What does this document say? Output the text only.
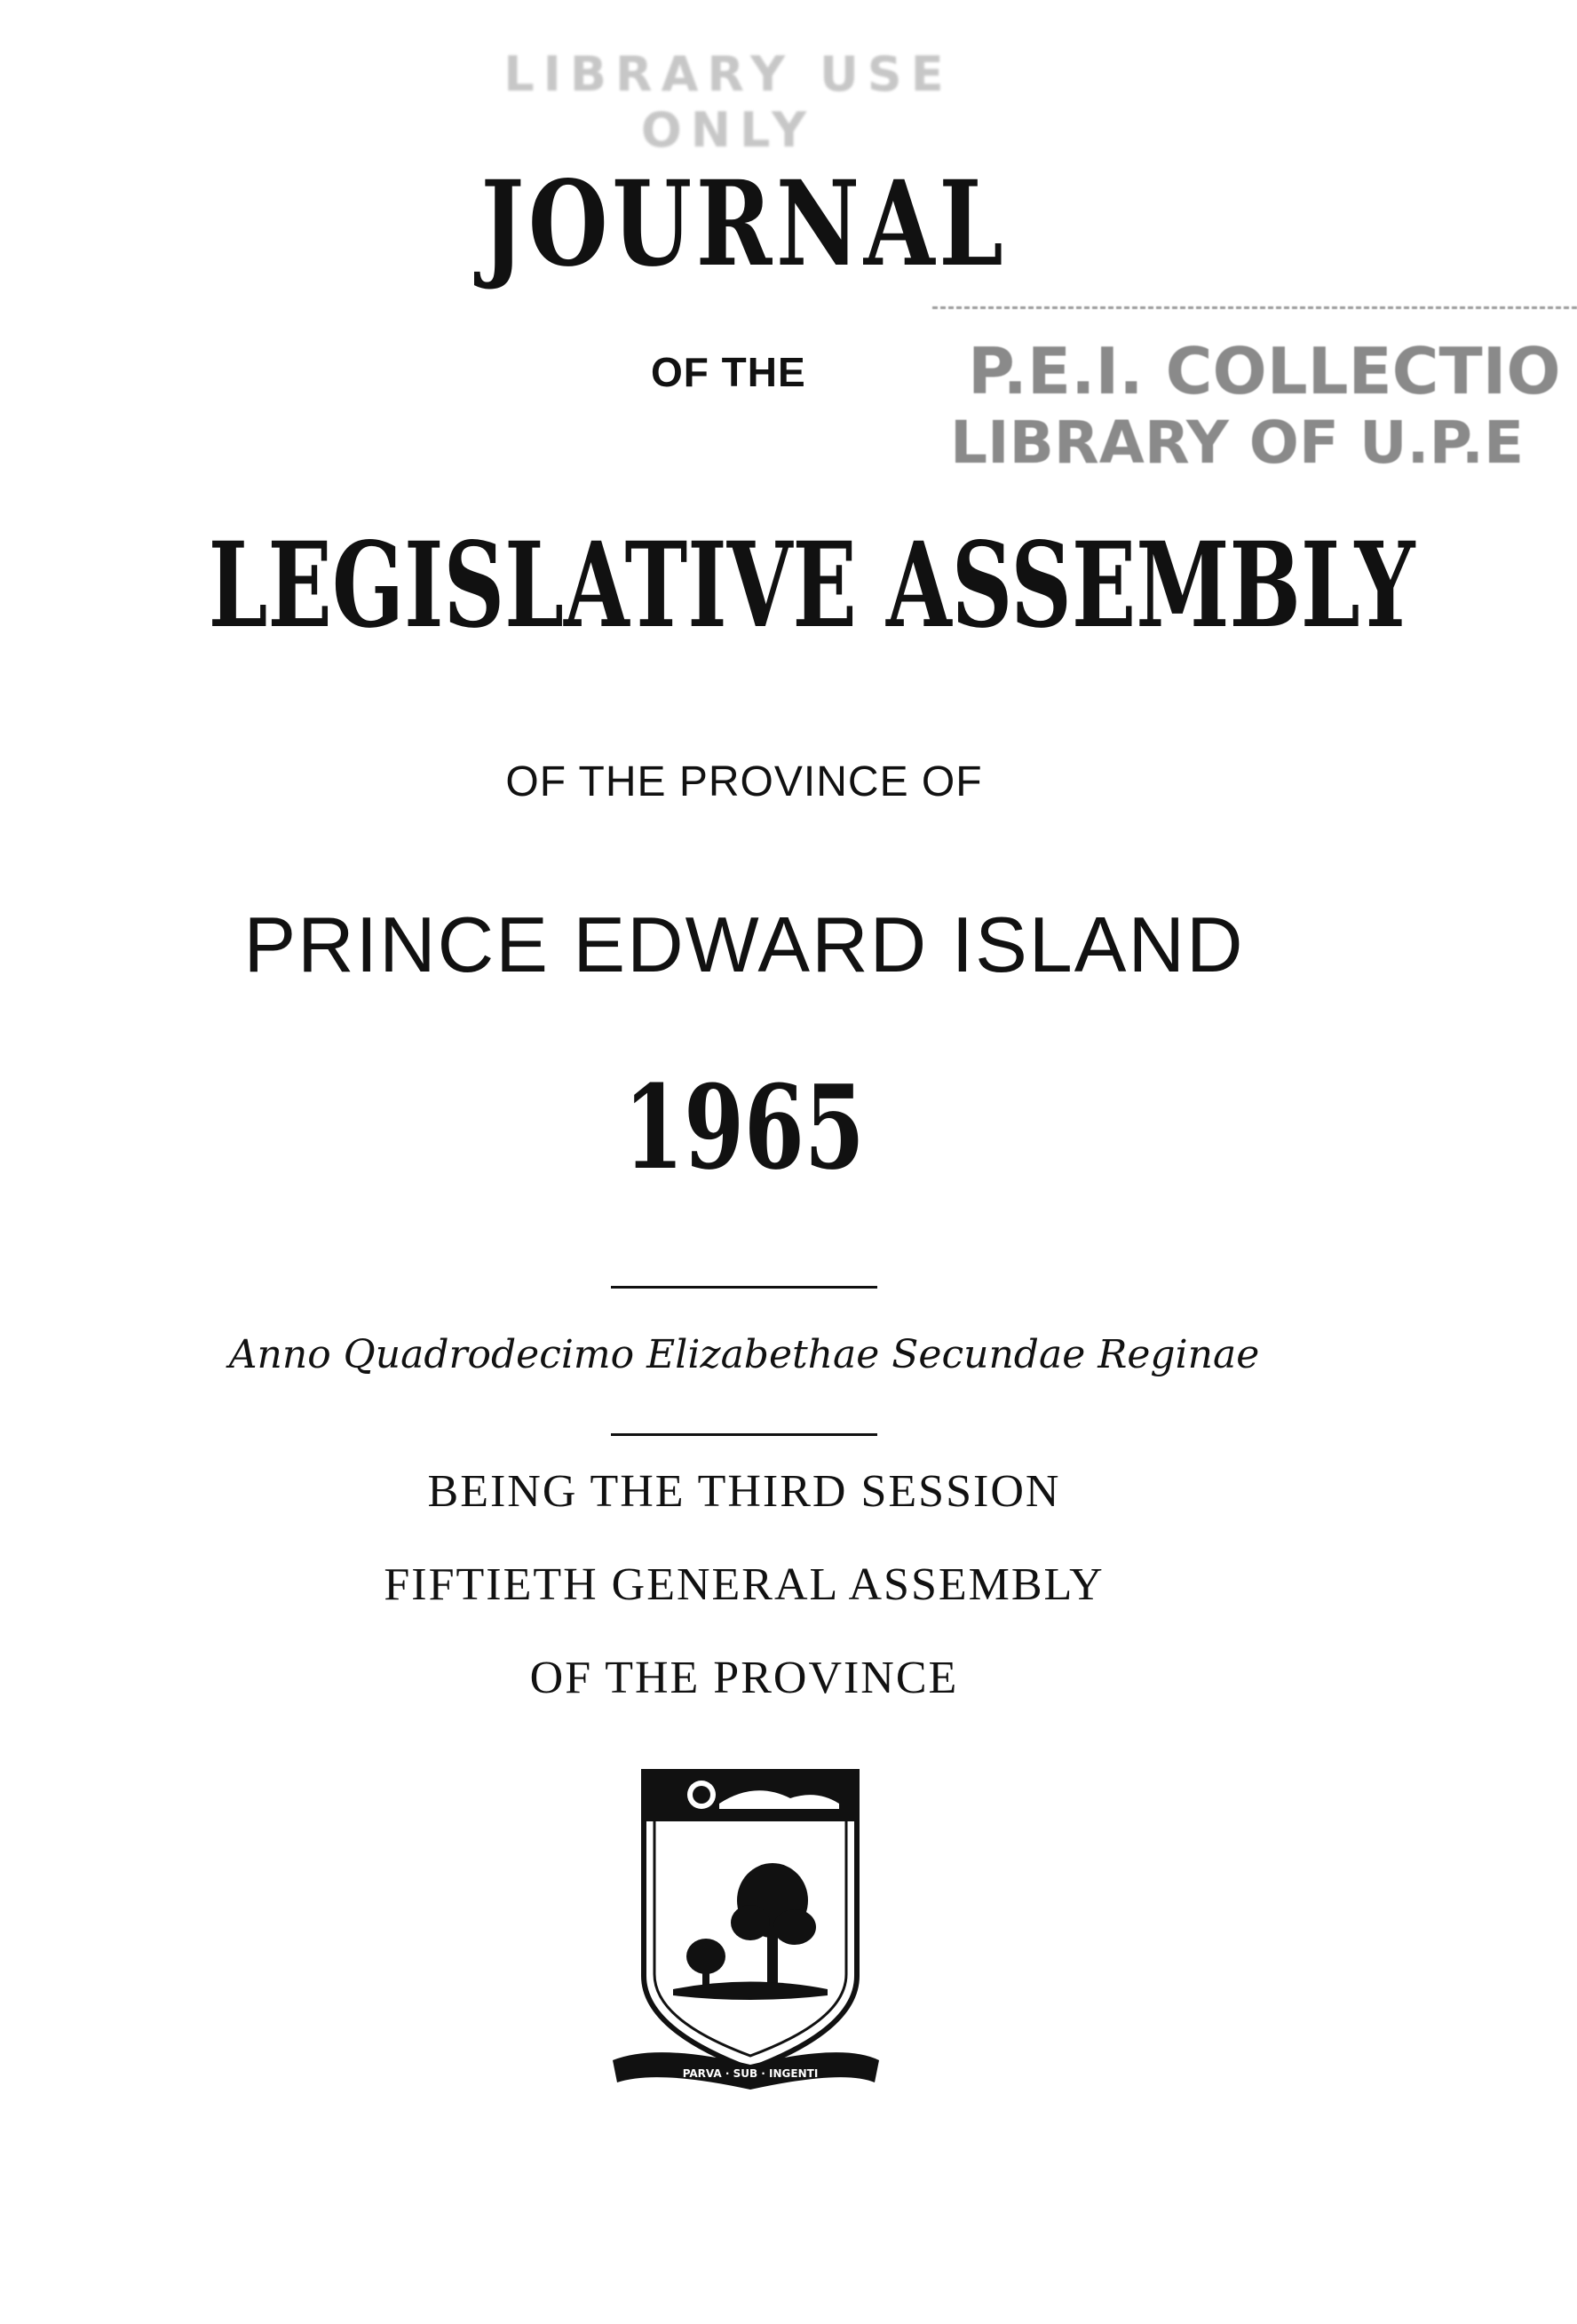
LIBRARY USE ONLY
P.E.I. COLLECTIO
LIBRARY OF U.P.E
JOURNAL
OF THE
LEGISLATIVE ASSEMBLY
OF THE PROVINCE OF
PRINCE EDWARD ISLAND
1965
Anno Quadrodecimo Elizabethae Secundae Reginae
BEING THE THIRD SESSION
FIFTIETH GENERAL ASSEMBLY
OF THE PROVINCE
PARVA · SUB · INGENTI
